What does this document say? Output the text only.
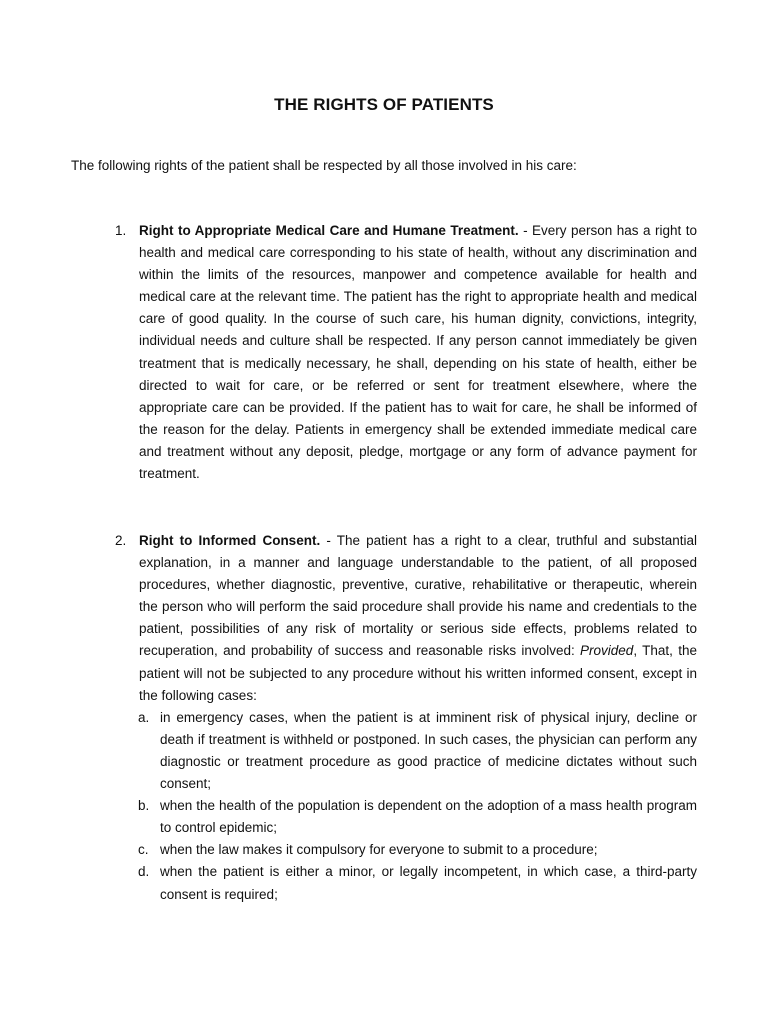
THE RIGHTS OF PATIENTS

The following rights of the patient shall be respected by all those involved in his care:

1. Right to Appropriate Medical Care and Humane Treatment. - Every person has a right to health and medical care corresponding to his state of health, without any discrimination and within the limits of the resources, manpower and competence available for health and medical care at the relevant time. The patient has the right to appropriate health and medical care of good quality. In the course of such care, his human dignity, convictions, integrity, individual needs and culture shall be respected. If any person cannot immediately be given treatment that is medically necessary, he shall, depending on his state of health, either be directed to wait for care, or be referred or sent for treatment elsewhere, where the appropriate care can be provided. If the patient has to wait for care, he shall be informed of the reason for the delay. Patients in emergency shall be extended immediate medical care and treatment without any deposit, pledge, mortgage or any form of advance payment for treatment.
2. Right to Informed Consent. - The patient has a right to a clear, truthful and substantial explanation, in a manner and language understandable to the patient, of all proposed procedures, whether diagnostic, preventive, curative, rehabilitative or therapeutic, wherein the person who will perform the said procedure shall provide his name and credentials to the patient, possibilities of any risk of mortality or serious side effects, problems related to recuperation, and probability of success and reasonable risks involved: Provided, That, the patient will not be subjected to any procedure without his written informed consent, except in the following cases:
a. in emergency cases, when the patient is at imminent risk of physical injury, decline or death if treatment is withheld or postponed. In such cases, the physician can perform any diagnostic or treatment procedure as good practice of medicine dictates without such consent;
b. when the health of the population is dependent on the adoption of a mass health program to control epidemic;
c. when the law makes it compulsory for everyone to submit to a procedure;
d. when the patient is either a minor, or legally incompetent, in which case, a third-party consent is required;
